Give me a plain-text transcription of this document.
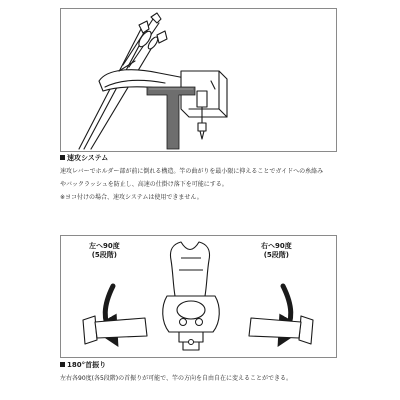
速攻システム
速攻レバーでホルダー部が前に倒れる構造。竿の曲がりを最小限に抑えることでガイドへの糸絡み
やバックラッシュを防止し、高速の仕掛け落下を可能にする。
※ヨコ付けの場合、速攻システムは使用できません。
左へ90度
(5段階)
右へ90度
(5段階)
180°首振り
左右各90度(各5段階)の首振りが可能で、竿の方向を自由自在に変えることができる。
